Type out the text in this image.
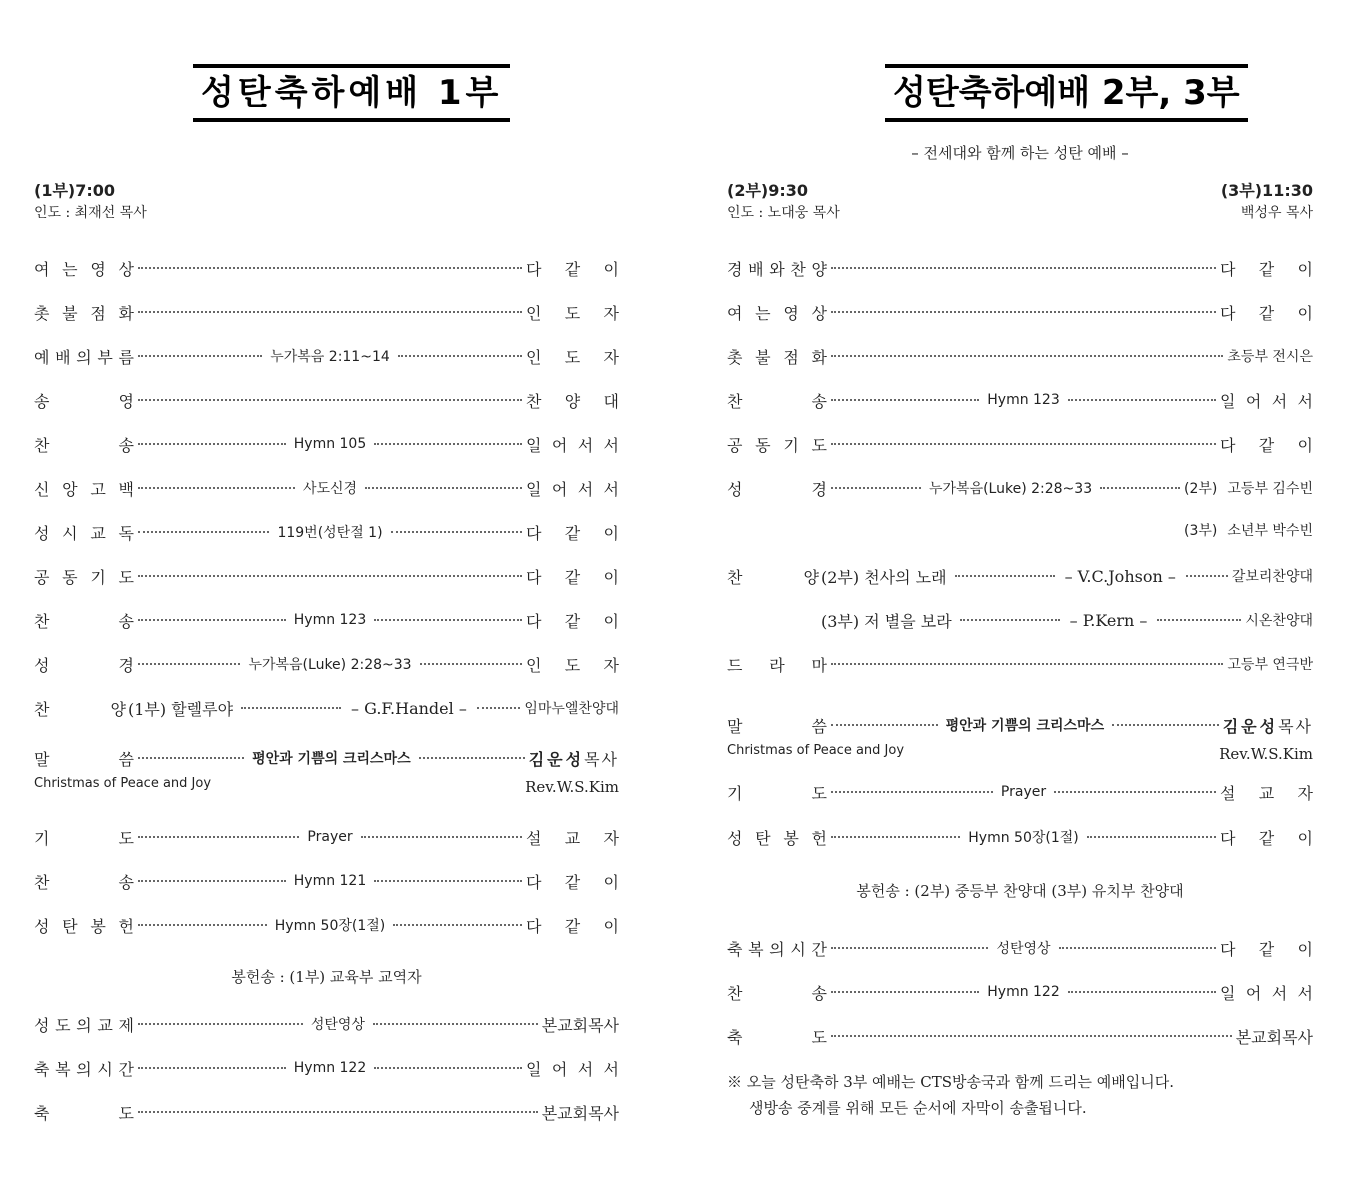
성탄축하예배 1부
(1부)7:00
인도 : 최재선 목사
여 는 영 상	다 같 이
촛 불 점 화	인 도 자
예 배 의 부 름	누가복음 2:11~14	인 도 자
송	영	찬 양 대
찬	송	Hymn 105	일 어 서 서
신 앙 고 백	사도신경	일 어 서 서
성 시 교 독	119번(성탄절 1)	다 같 이
공 동 기 도	다 같 이
찬	송	Hymn 123	다 같 이
성	경	누가복음(Luke) 2:28~33	인 도 자
찬	양 (1부) 할렐루야	– G.F.Handel –	임마누엘찬양대
말	씀	평안과 기쁨의 크리스마스	김운성 목사
Christmas of Peace and Joy	Rev.W.S.Kim
기	도	Prayer	설 교 자
찬	송	Hymn 121	다 같 이
성 탄 봉 헌	Hymn 50장(1절)	다 같 이
봉헌송 : (1부) 교육부 교역자
성 도 의 교 제	성탄영상	본교회목사
축 복 의 시 간	Hymn 122	일 어 서 서
축	도	본교회목사
성탄축하예배 2부, 3부
– 전세대와 함께 하는 성탄 예배 –
(2부)9:30	(3부)11:30
인도 : 노대웅 목사	백성우 목사
경 배 와 찬 양	다 같 이
여 는 영 상	다 같 이
촛 불 점 화	초등부 전시은
찬	송	Hymn 123	일 어 서 서
공 동 기 도	다 같 이
성	경	누가복음(Luke) 2:28~33	(2부) 고등부 김수빈
(3부) 소년부 박수빈
찬	양 (2부) 천사의 노래	– V.C.Johson –	갈보리찬양대
(3부) 저 별을 보라	– P.Kern –	시온찬양대
드 라 마	고등부 연극반
말	씀	평안과 기쁨의 크리스마스	김운성 목사
Christmas of Peace and Joy	Rev.W.S.Kim
기	도	Prayer	설 교 자
성 탄 봉 헌	Hymn 50장(1절)	다 같 이
봉헌송 : (2부) 중등부 찬양대 (3부) 유치부 찬양대
축 복 의 시 간	성탄영상	다 같 이
찬	송	Hymn 122	일 어 서 서
축	도	본교회목사
※ 오늘 성탄축하 3부 예배는 CTS방송국과 함께 드리는 예배입니다.
생방송 중계를 위해 모든 순서에 자막이 송출됩니다.
